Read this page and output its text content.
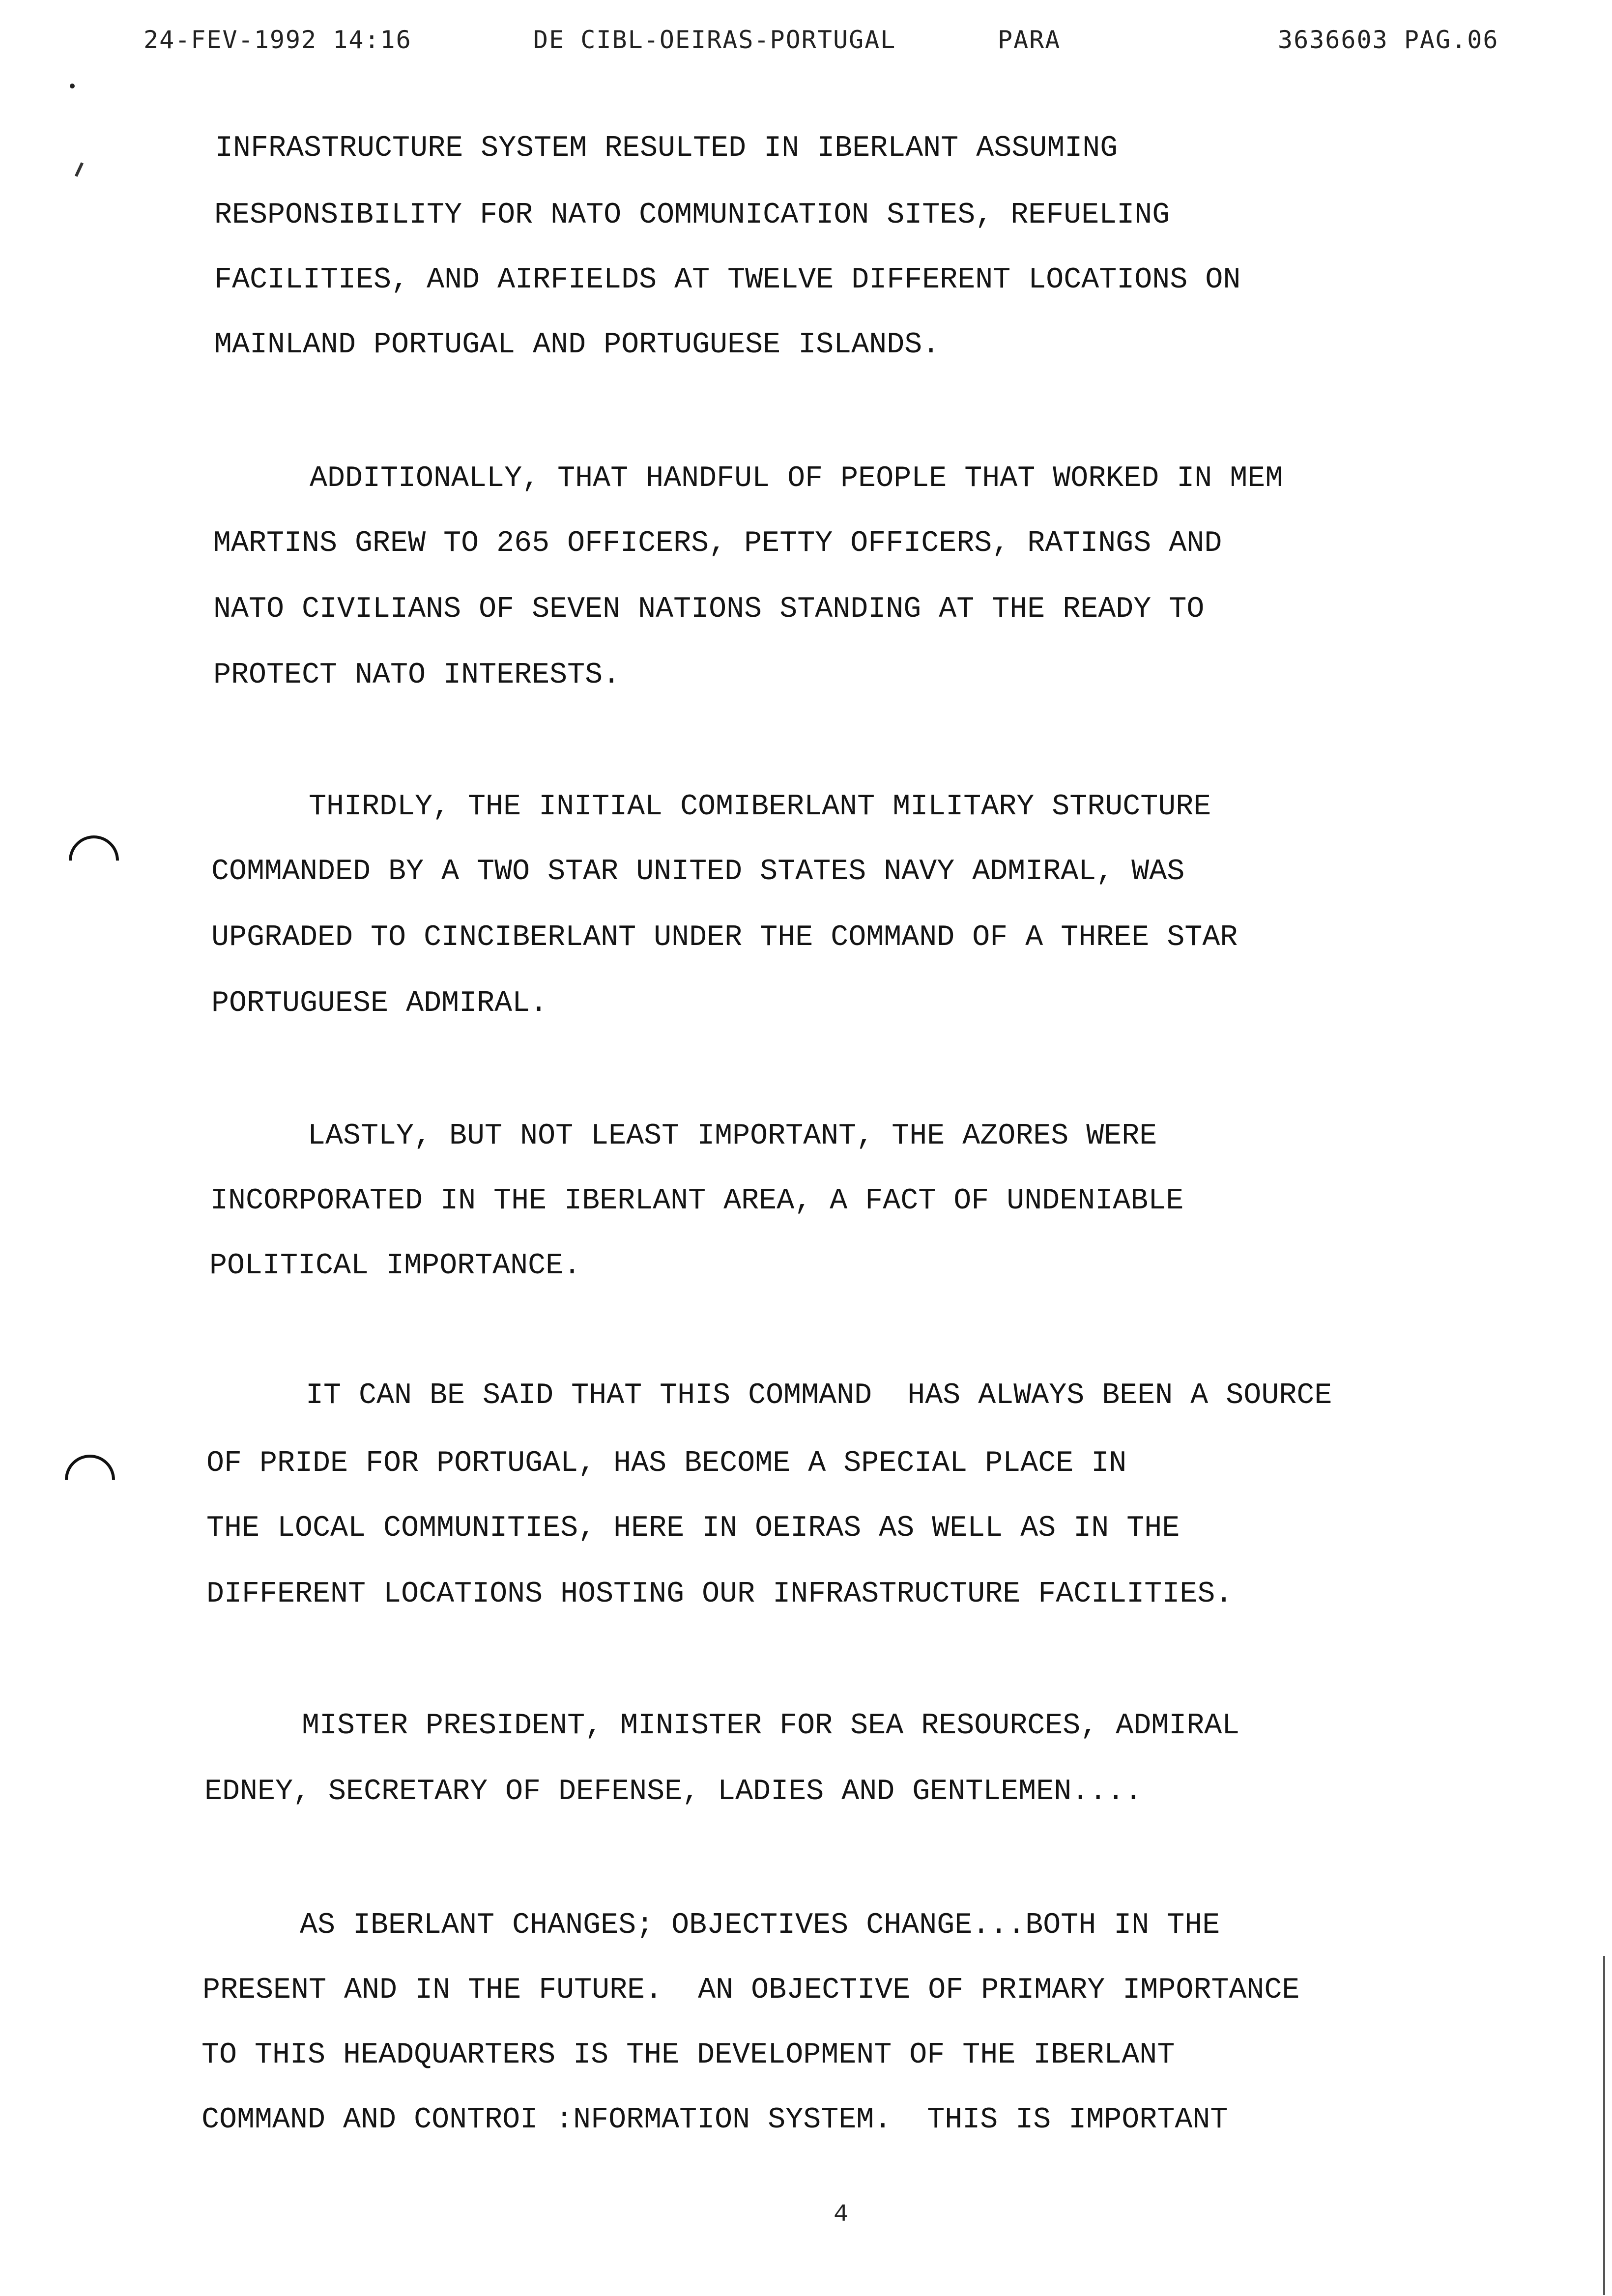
24-FEV-1992 14:16	DE CIBL-OEIRAS-PORTUGAL	PARA	3636603 PAG.06
INFRASTRUCTURE SYSTEM RESULTED IN IBERLANT ASSUMING
RESPONSIBILITY FOR NATO COMMUNICATION SITES, REFUELING
FACILITIES, AND AIRFIELDS AT TWELVE DIFFERENT LOCATIONS ON
MAINLAND PORTUGAL AND PORTUGUESE ISLANDS.
ADDITIONALLY, THAT HANDFUL OF PEOPLE THAT WORKED IN MEM
MARTINS GREW TO 265 OFFICERS, PETTY OFFICERS, RATINGS AND
NATO CIVILIANS OF SEVEN NATIONS STANDING AT THE READY TO
PROTECT NATO INTERESTS.
THIRDLY, THE INITIAL COMIBERLANT MILITARY STRUCTURE
COMMANDED BY A TWO STAR UNITED STATES NAVY ADMIRAL, WAS
UPGRADED TO CINCIBERLANT UNDER THE COMMAND OF A THREE STAR
PORTUGUESE ADMIRAL.
LASTLY, BUT NOT LEAST IMPORTANT, THE AZORES WERE
INCORPORATED IN THE IBERLANT AREA, A FACT OF UNDENIABLE
POLITICAL IMPORTANCE.
IT CAN BE SAID THAT THIS COMMAND  HAS ALWAYS BEEN A SOURCE
OF PRIDE FOR PORTUGAL, HAS BECOME A SPECIAL PLACE IN
THE LOCAL COMMUNITIES, HERE IN OEIRAS AS WELL AS IN THE
DIFFERENT LOCATIONS HOSTING OUR INFRASTRUCTURE FACILITIES.
MISTER PRESIDENT, MINISTER FOR SEA RESOURCES, ADMIRAL
EDNEY, SECRETARY OF DEFENSE, LADIES AND GENTLEMEN....
AS IBERLANT CHANGES; OBJECTIVES CHANGE...BOTH IN THE
PRESENT AND IN THE FUTURE.  AN OBJECTIVE OF PRIMARY IMPORTANCE
TO THIS HEADQUARTERS IS THE DEVELOPMENT OF THE IBERLANT
COMMAND AND CONTROI :NFORMATION SYSTEM.  THIS IS IMPORTANT
4
